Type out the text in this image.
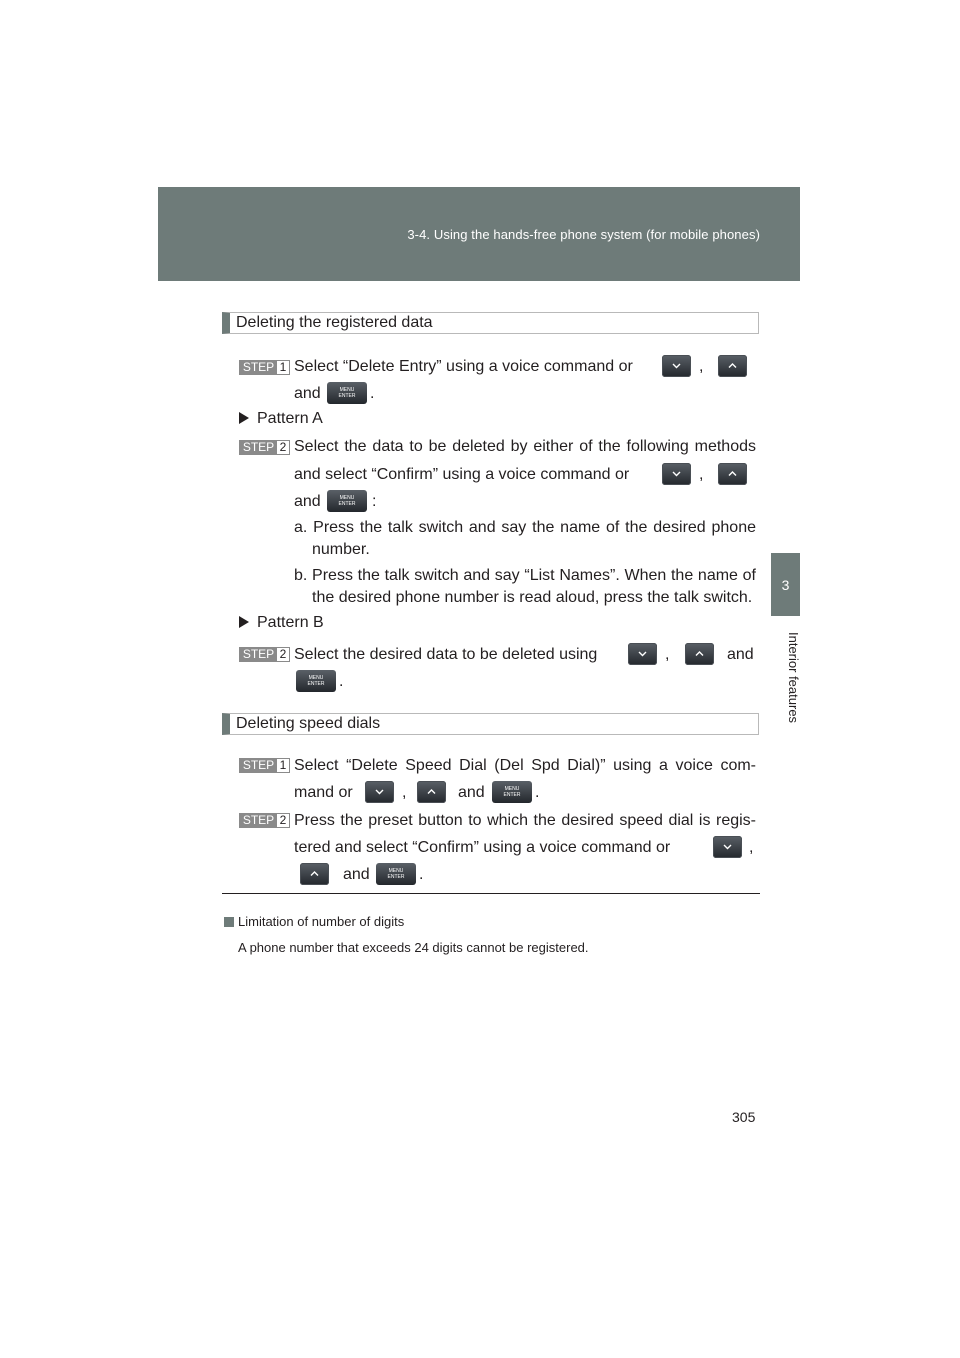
3-4. Using the hands-free phone system (for mobile phones)
3
Interior features
Deleting the registered data
STEP 1 Select “Delete Entry” using a voice command or	,
and	MENU
ENTER .
Pattern A
STEP 2 Select the data to be deleted by either of the following methods
and select “Confirm” using a voice command or	,
and	MENU
ENTER	:
a. Press the talk switch and say the name of the desired phone
number.
b. Press the talk switch and say “List Names”. When the name of
the desired phone number is read aloud, press the talk switch.
Pattern B
STEP 2 Select the desired data to be deleted using	,	and
MENU
ENTER .
Deleting speed dials
STEP 1 Select “Delete Speed Dial (Del Spd Dial)” using a voice com-
mand or	,	and	MENU
ENTER .
STEP 2 Press the preset button to which the desired speed dial is regis-
tered and select “Confirm” using a voice command or	,
and	MENU
ENTER .
Limitation of number of digits
A phone number that exceeds 24 digits cannot be registered.
305
